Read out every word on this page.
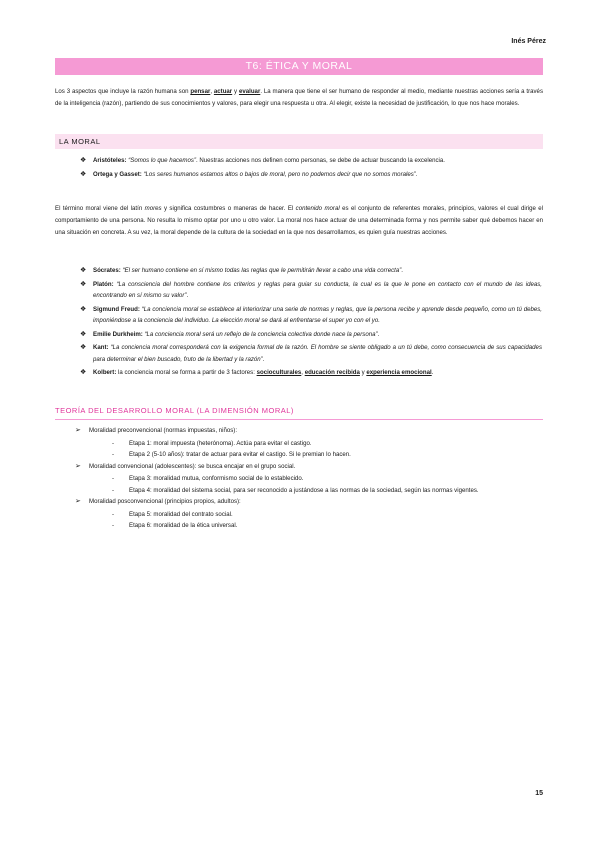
Inés Pérez
T6: ÉTICA Y MORAL
Los 3 aspectos que incluye la razón humana son pensar, actuar y evaluar. La manera que tiene el ser humano de responder al medio, mediante nuestras acciones sería a través de la inteligencia (razón), partiendo de sus conocimientos y valores, para elegir una respuesta u otra. Al elegir, existe la necesidad de justificación, lo que nos hace morales.
LA MORAL
❖ Aristóteles: “Somos lo que hacemos”. Nuestras acciones nos definen como personas, se debe de actuar buscando la excelencia.
❖ Ortega y Gasset: “Los seres humanos estamos altos o bajos de moral, pero no podemos decir que no somos morales”.
El término moral viene del latín mores y significa costumbres o maneras de hacer. El contenido moral es el conjunto de referentes morales, principios, valores el cual dirige el comportamiento de una persona. No resulta lo mismo optar por uno u otro valor. La moral nos hace actuar de una determinada forma y nos permite saber qué debemos hacer en una situación en concreta. A su vez, la moral depende de la cultura de la sociedad en la que nos desarrollamos, es quien guía nuestras acciones.
❖ Sócrates: “El ser humano contiene en sí mismo todas las reglas que le permitirán llevar a cabo una vida correcta”.
❖ Platón: “La consciencia del hombre contiene los criterios y reglas para guiar su conducta, la cual es la que le pone en contacto con el mundo de las ideas, encontrando en sí mismo su valor”.
❖ Sigmund Freud: “La conciencia moral se establece al interiorizar una serie de normas y reglas, que la persona recibe y aprende desde pequeño, como un tú debes, imponiéndose a la conciencia del individuo. La elección moral se dará al enfrentarse el super yo con el yo.
❖ Emilie Durkheim: “La conciencia moral será un reflejo de la conciencia colectiva donde nace la persona”.
❖ Kant: “La conciencia moral corresponderá con la exigencia formal de la razón. El hombre se siente obligado a un tú debe, como consecuencia de sus capacidades para determinar el bien buscado, fruto de la libertad y la razón”.
❖ Kolbert: la conciencia moral se forma a partir de 3 factores: socioculturales, educación recibida y experiencia emocional.
TEORÍA DEL DESARROLLO MORAL (LA DIMENSIÓN MORAL)
➢ Moralidad preconvencional (normas impuestas, niños):
- Etapa 1: moral impuesta (heterónoma). Actúa para evitar el castigo.
- Etapa 2 (5-10 años): tratar de actuar para evitar el castigo. Si le premian lo hacen.
➢ Moralidad convencional (adolescentes): se busca encajar en el grupo social.
- Etapa 3: moralidad mutua, conformismo social de lo establecido.
- Etapa 4: moralidad del sistema social, para ser reconocido a justándose a las normas de la sociedad, según las normas vigentes.
➢ Moralidad posconvencional (principios propios, adultos):
- Etapa 5: moralidad del contrato social.
- Etapa 6: moralidad de la ética universal.
15
